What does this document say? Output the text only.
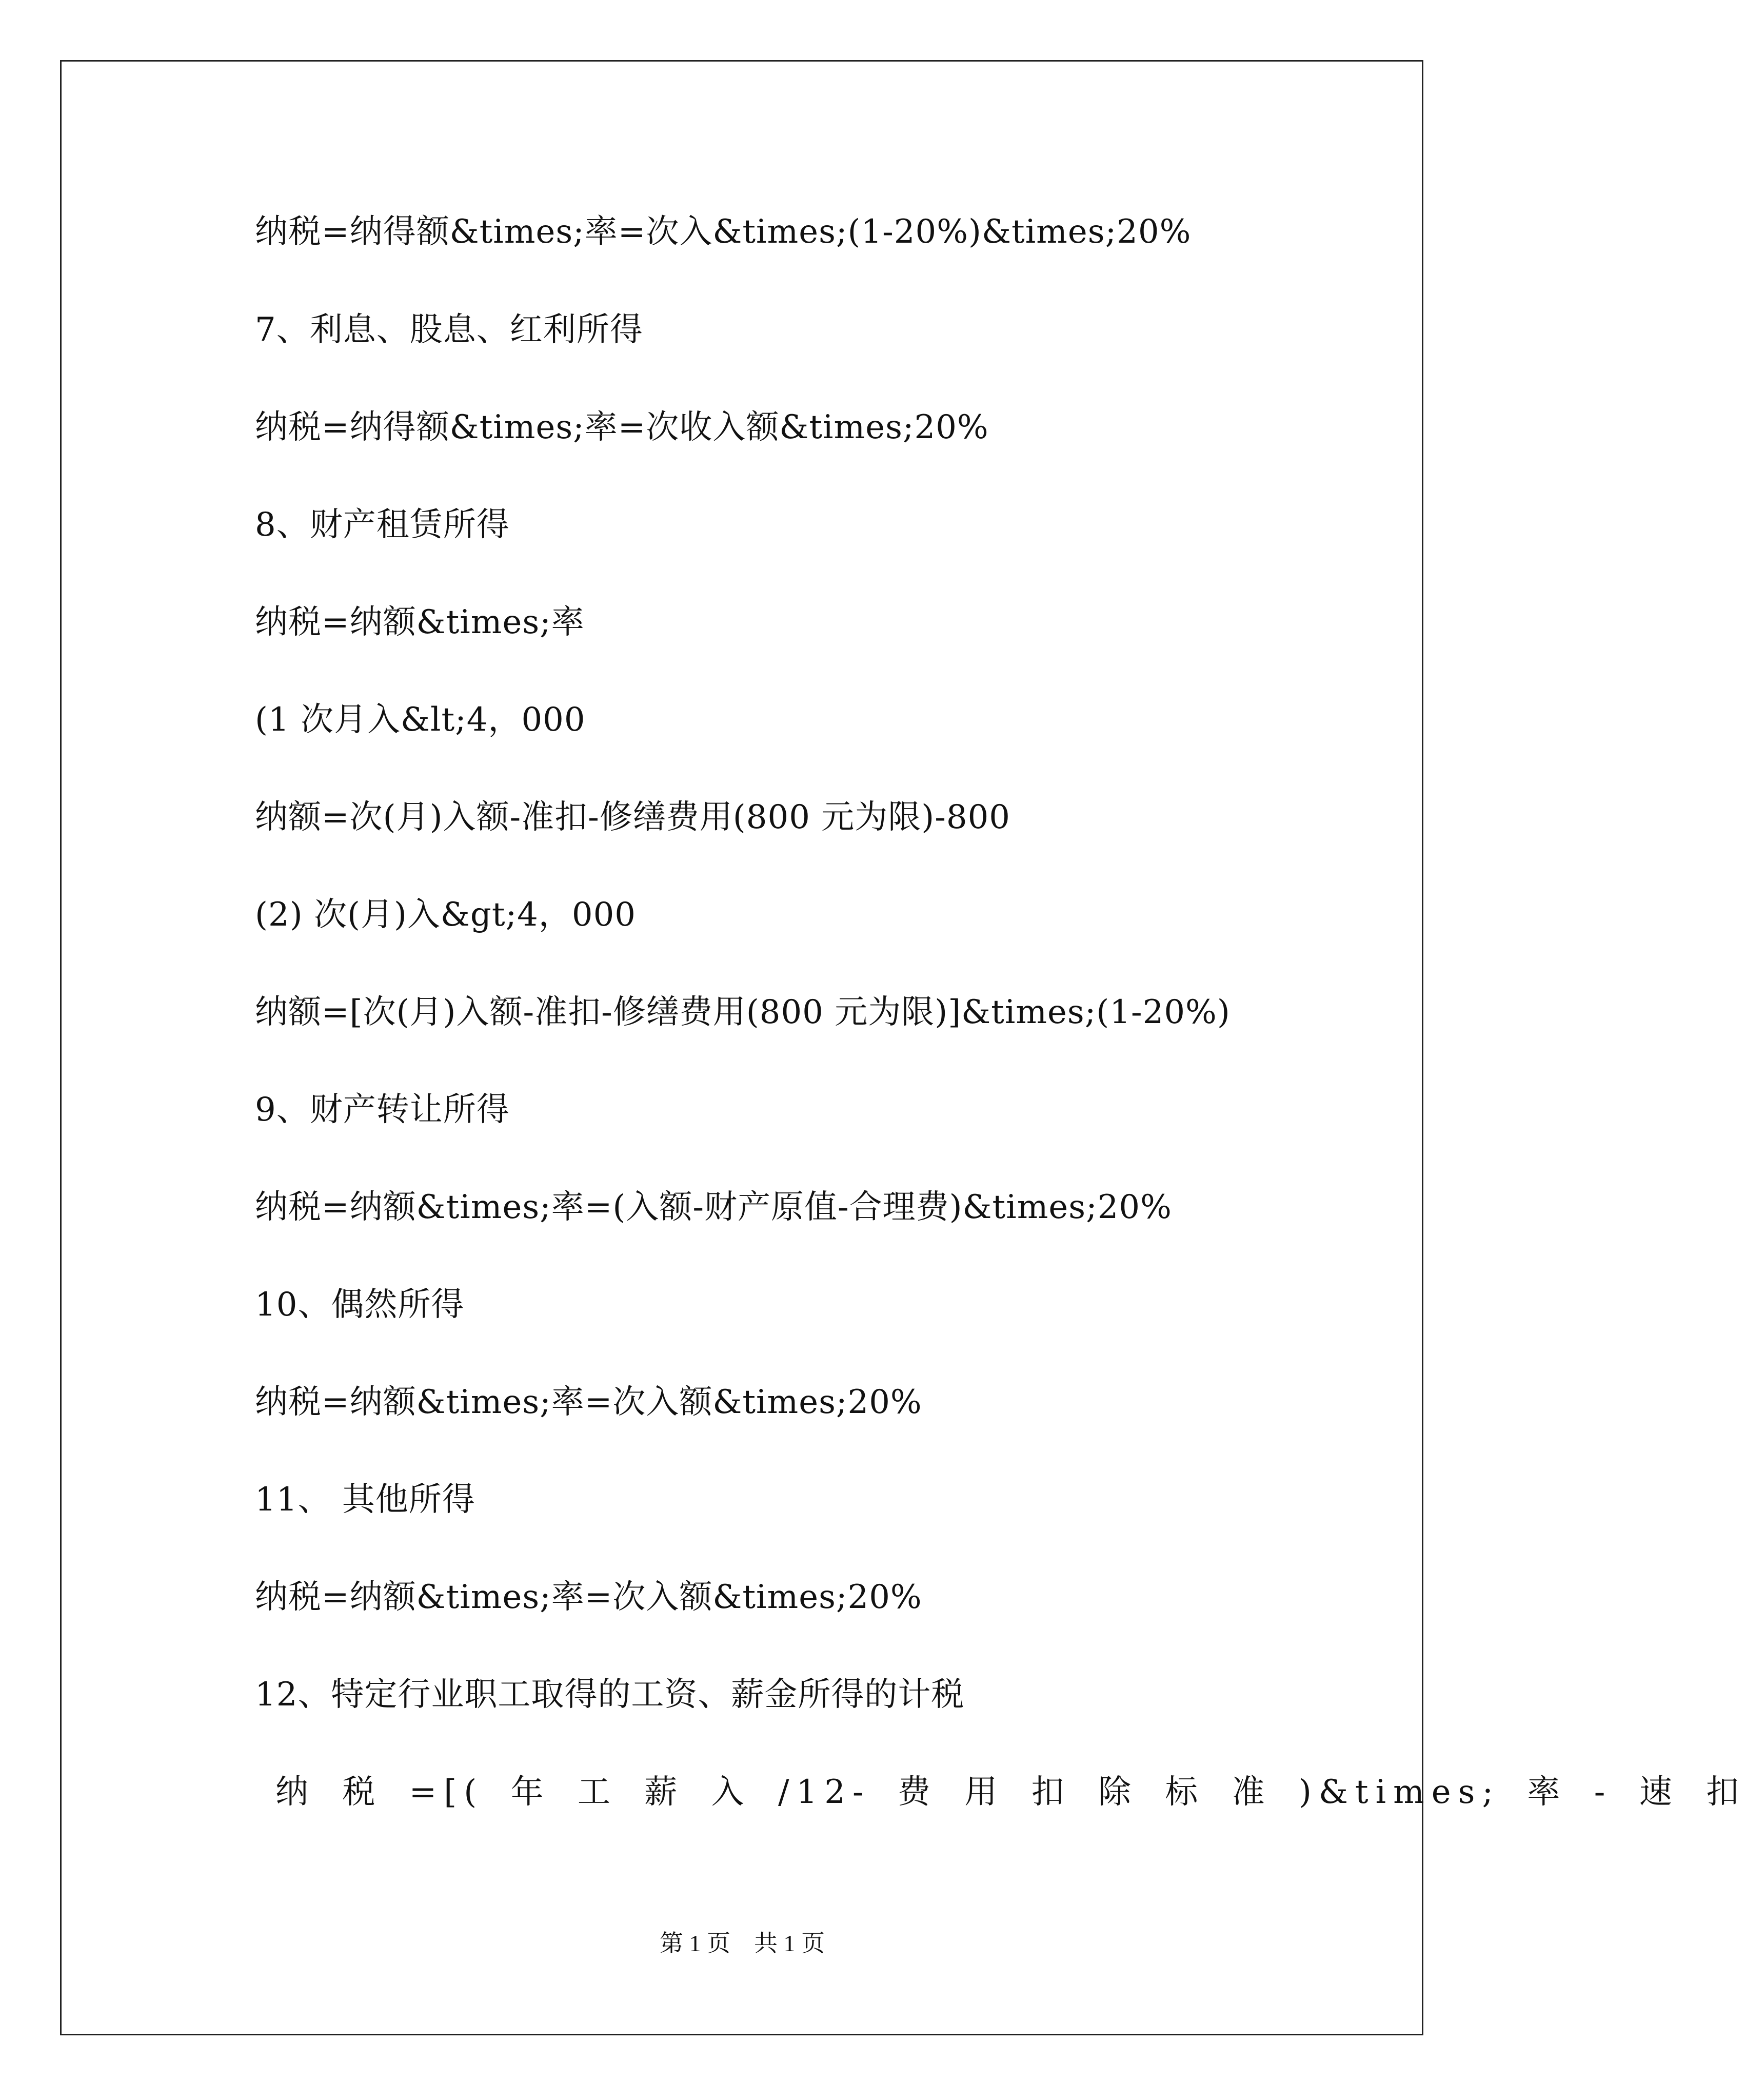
纳税=纳得额&times;率=次入&times;(1-20%)&times;20%

7、利息、股息、红利所得

纳税=纳得额&times;率=次收入额&times;20%

8、财产租赁所得

纳税=纳额&times;率

(1 次月入&lt;4，000

纳额=次(月)入额-准扣-修缮费用(800 元为限)-800

(2) 次(月)入&gt;4，000

纳额=[次(月)入额-准扣-修缮费用(800 元为限)]&times;(1-20%)

9、财产转让所得

纳税=纳额&times;率=(入额-财产原值-合理费)&times;20%

10、偶然所得

纳税=纳额&times;率=次入额&times;20%

11、 其他所得

纳税=纳额&times;率=次入额&times;20%

12、特定行业职工取得的工资、薪金所得的计税

纳 税 =[( 年 工 薪 入 /12- 费 用 扣 除 标 准 )&times; 率 - 速 扣

第 1 页    共 1 页
